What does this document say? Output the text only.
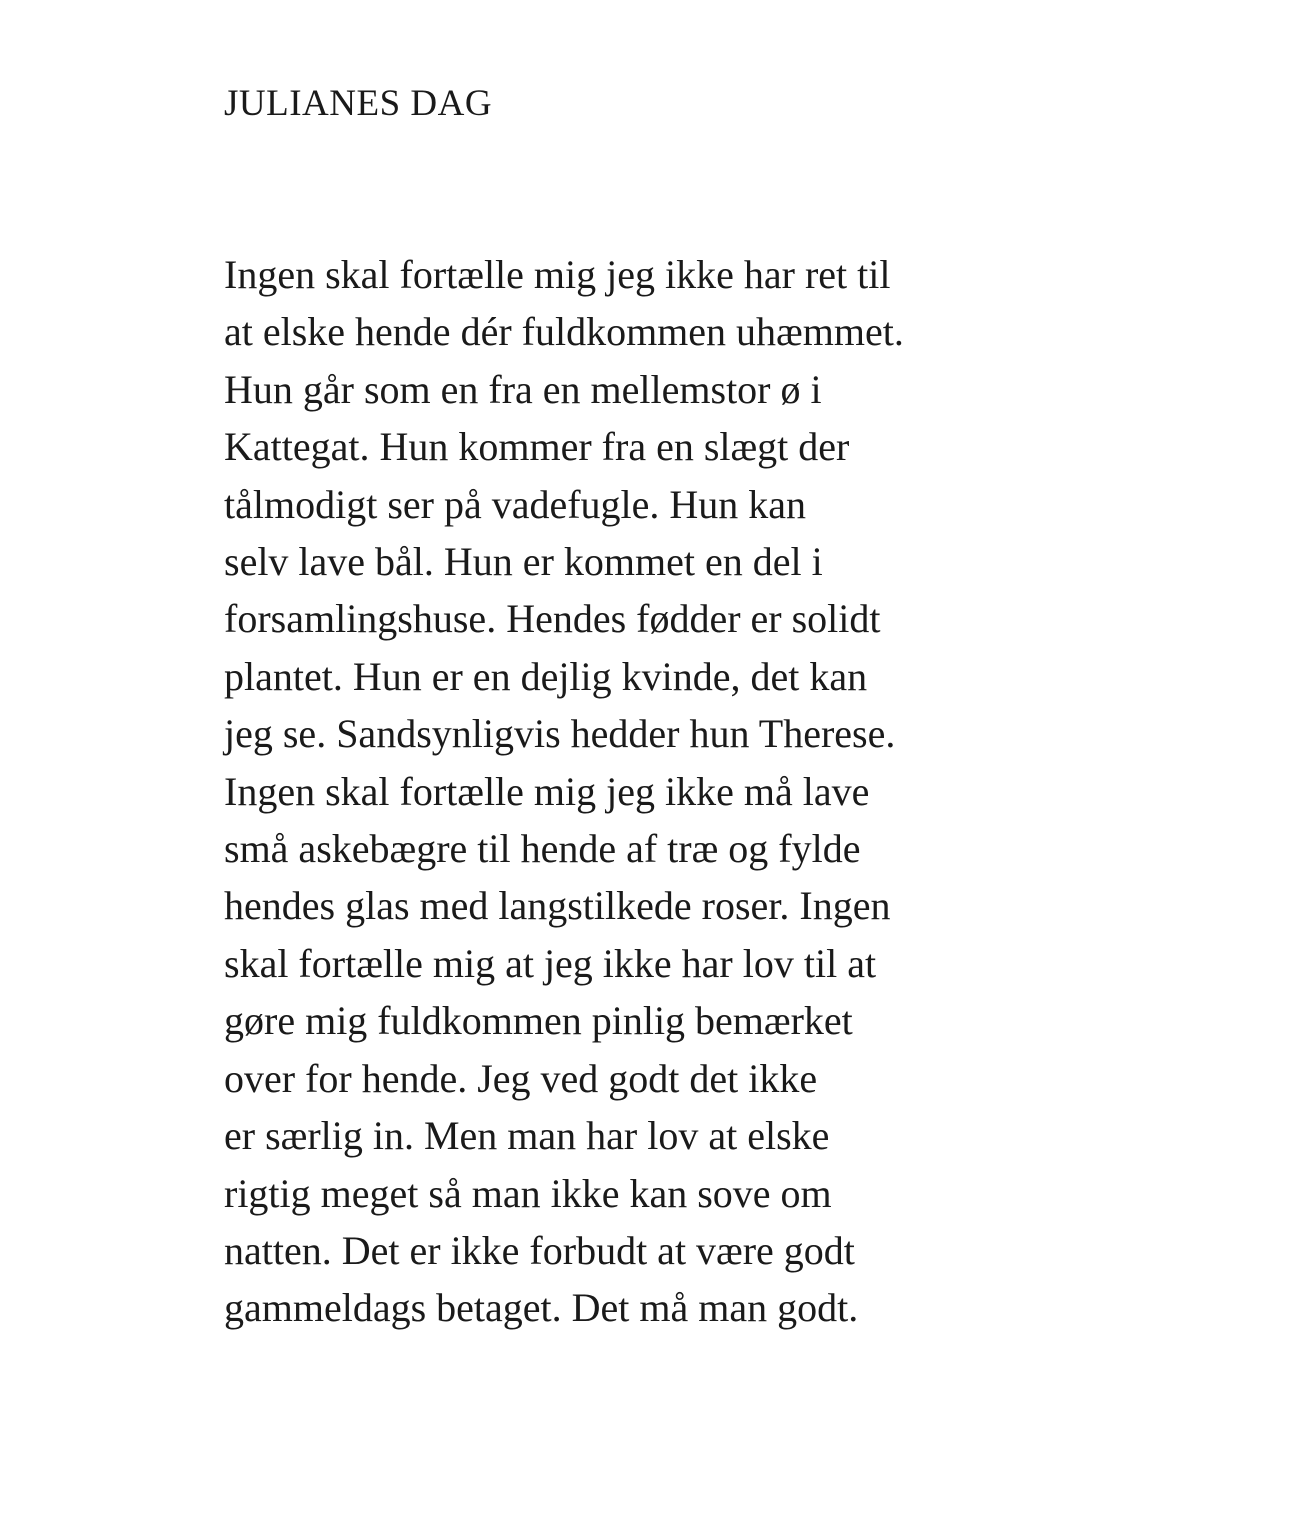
JULIANES DAG
Ingen skal fortælle mig jeg ikke har ret til
at elske hende dér fuldkommen uhæmmet.
Hun går som en fra en mellemstor ø i
Kattegat. Hun kommer fra en slægt der
tålmodigt ser på vadefugle. Hun kan
selv lave bål. Hun er kommet en del i
forsamlingshuse. Hendes fødder er solidt
plantet. Hun er en dejlig kvinde, det kan
jeg se. Sandsynligvis hedder hun Therese.
Ingen skal fortælle mig jeg ikke må lave
små askebægre til hende af træ og fylde
hendes glas med langstilkede roser. Ingen
skal fortælle mig at jeg ikke har lov til at
gøre mig fuldkommen pinlig bemærket
over for hende. Jeg ved godt det ikke
er særlig in. Men man har lov at elske
rigtig meget så man ikke kan sove om
natten. Det er ikke forbudt at være godt
gammeldags betaget. Det må man godt.
